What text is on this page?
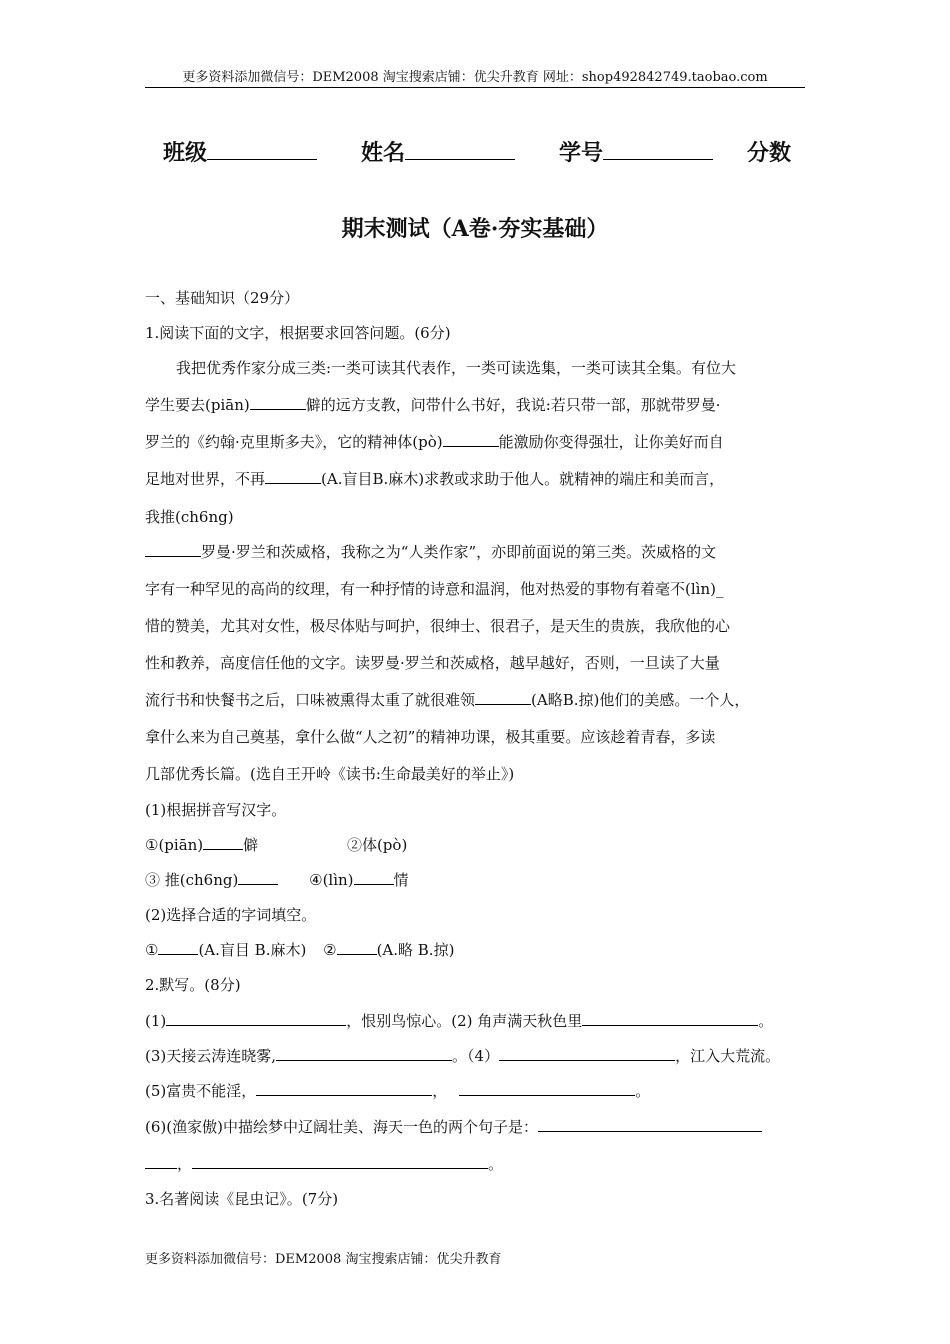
更多资料添加微信号：DEM2008 淘宝搜索店铺：优尖升教育 网址：shop492842749.taobao.com
班级	姓名	学号	分数
期末测试（A卷·夯实基础）
一、基础知识（29分）
1.阅读下面的文字，根据要求回答问题。(6分)
我把优秀作家分成三类:一类可读其代表作，一类可读选集，一类可读其全集。有位大
学生要去(piān)	僻的远方支教，问带什么书好，我说:若只带一部，那就带罗曼·
罗兰的《约翰·克里斯多夫》，它的精神体(pò)	能激励你变得强壮，让你美好而自
足地对世界，不再	(A.盲目B.麻木)求教或求助于他人。就精神的端庄和美而言，
我推(ch6ng)
罗曼·罗兰和茨威格，我称之为“人类作家”，亦即前面说的第三类。茨威格的文
字有一种罕见的高尚的纹理，有一种抒情的诗意和温润，他对热爱的事物有着毫不(lìn)_
惜的赞美，尤其对女性，极尽体贴与呵护，很绅士、很君子，是天生的贵族，我欣他的心
性和教养，高度信任他的文字。读罗曼·罗兰和茨威格，越早越好，否则，一旦读了大量
流行书和快餐书之后，口味被熏得太重了就很难领	(A略B.掠)他们的美感。一个人，
拿什么来为自己奠基，拿什么做“人之初”的精神功课，极其重要。应该趁着青春，多读
几部优秀长篇。(选自王开岭《读书:生命最美好的举止》)
(1)根据拼音写汉字。
①(piān)	僻	②体(pò)
③ 推(ch6ng)	④(lìn)	情
(2)选择合适的字词填空。
①	(A.盲目 B.麻木) ②	(A.略 B.掠)
2.默写。(8分)
(1)	，恨别鸟惊心。(2) 角声满天秋色里	。
(3)天接云涛连晓雾,	。（4）	，江入大荒流。
(5)富贵不能淫，	，	。
(6)(渔家傲)中描绘梦中辽阔壮美、海天一色的两个句子是：
，	。
3.名著阅读《昆虫记》。(7分)
更多资料添加微信号：DEM2008 淘宝搜索店铺：优尖升教育
